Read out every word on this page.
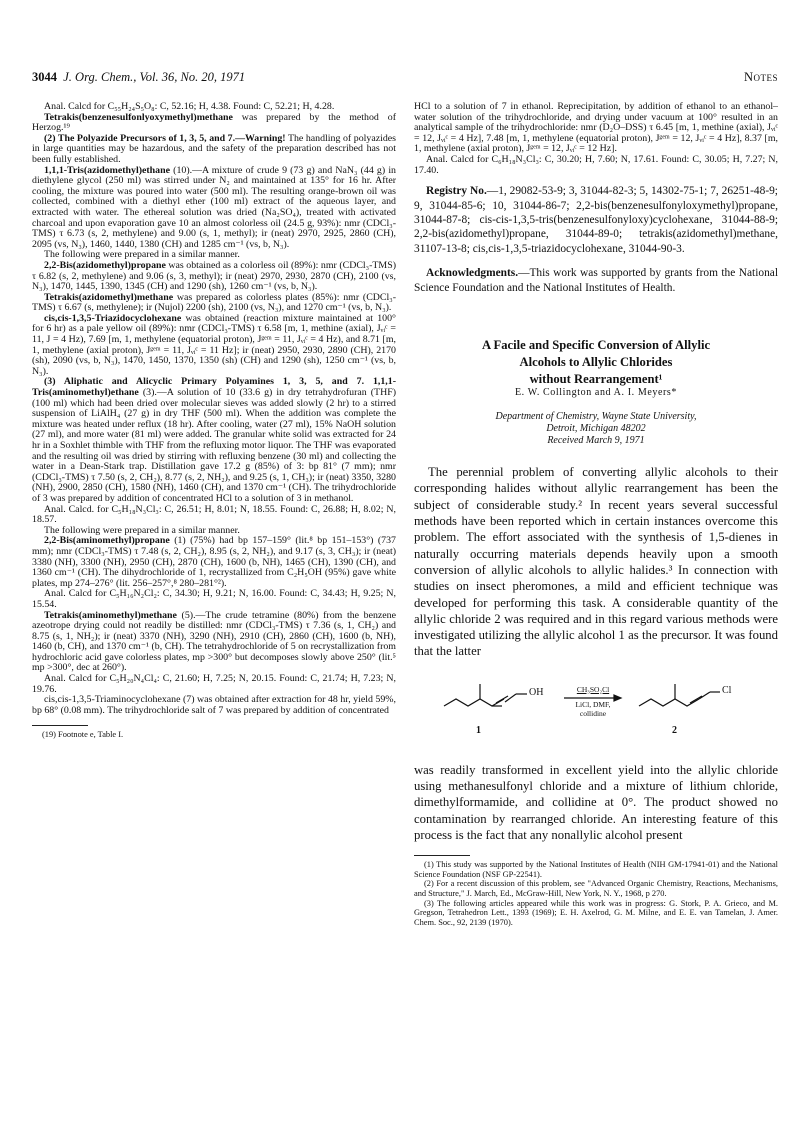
3044 J. Org. Chem., Vol. 36, No. 20, 1971	Notes

Anal. Calcd for C₅₅H₂₄S₅O₈: C, 52.16; H, 4.38. Found: C, 52.21; H, 4.28.

Tetrakis(benzenesulfonlyoxymethyl)methane was prepared by the method of Herzog.¹⁹

(2) The Polyazide Precursors of 1, 3, 5, and 7.—Warning! The handling of polyazides in large quantities may be hazardous, and the safety of the preparation described has not been fully established.

1,1,1-Tris(azidomethyl)ethane (10).—A mixture of crude 9 (73 g) and NaN₃ (44 g) in diethylene glycol (250 ml) was stirred under N₂ and maintained at 135° for 16 hr. After cooling, the mixture was poured into water (500 ml). The resulting orange-brown oil was collected, combined with a diethyl ether (100 ml) extract of the aqueous layer, and extracted with water. The ethereal solution was dried (Na₂SO₄), treated with activated charcoal and upon evaporation gave 10 an almost colorless oil (24.5 g, 93%): nmr (CDCl₃-TMS) τ 6.73 (s, 2, methylene) and 9.00 (s, 1, methyl); ir (neat) 2970, 2925, 2860 (CH), 2095 (vs, N₃), 1460, 1440, 1380 (CH) and 1285 cm⁻¹ (vs, b, N₃).

The following were prepared in a similar manner.

2,2-Bis(azidomethyl)propane was obtained as a colorless oil (89%): nmr (CDCl₃-TMS) τ 6.82 (s, 2, methylene) and 9.06 (s, 3, methyl); ir (neat) 2970, 2930, 2870 (CH), 2100 (vs, N₃), 1470, 1445, 1390, 1345 (CH) and 1290 (sh), 1260 cm⁻¹ (vs, b, N₃).

Tetrakis(azidomethyl)methane was prepared as colorless plates (85%): nmr (CDCl₃-TMS) τ 6.67 (s, methylene); ir (Nujol) 2200 (sh), 2100 (vs, N₃), and 1270 cm⁻¹ (vs, b, N₃).

cis,cis-1,3,5-Triazidocyclohexane was obtained (reaction mixture maintained at 100° for 6 hr) as a pale yellow oil (89%): nmr (CDCl₃-TMS) τ 6.58 [m, 1, methine (axial), Jᵥᵢᶜ = 11, J = 4 Hz), 7.69 [m, 1, methylene (equatorial proton), Jᵍᵉᵐ = 11, Jᵥᵢᶜ = 4 Hz), and 8.71 [m, 1, methylene (axial proton), Jᵍᵉᵐ = 11, Jᵥᵢᶜ = 11 Hz]; ir (neat) 2950, 2930, 2890 (CH), 2170 (sh), 2090 (vs, b, N₃), 1470, 1450, 1370, 1350 (sh) (CH) and 1290 (sh), 1250 cm⁻¹ (vs, b, N₃).

(3) Aliphatic and Alicyclic Primary Polyamines 1, 3, 5, and 7. 1,1,1-Tris(aminomethyl)ethane (3).—A solution of 10 (33.6 g) in dry tetrahydrofuran (THF) (100 ml) which had been dried over molecular sieves was added slowly (2 hr) to a stirred suspension of LiAlH₄ (27 g) in dry THF (500 ml). When the addition was complete the mixture was heated under reflux (18 hr). After cooling, water (27 ml), 15% NaOH solution (27 ml), and more water (81 ml) were added. The granular white solid was extracted for 24 hr in a Soxhlet thimble with THF from the refluxing motor liquor. The THF was evaporated and the resulting oil was dried by stirring with refluxing benzene (30 ml) and collecting the water in a Dean-Stark trap. Distillation gave 17.2 g (85%) of 3: bp 81° (7 mm); nmr (CDCl₃-TMS) τ 7.50 (s, 2, CH₂), 8.77 (s, 2, NH₂), and 9.25 (s, 1, CH₃); ir (neat) 3350, 3280 (NH), 2900, 2850 (CH), 1580 (NH), 1460 (CH), and 1370 cm⁻¹ (CH). The trihydrochloride of 3 was prepared by addition of concentrated HCl to a solution of 3 in methanol.

Anal. Calcd. for C₅H₁₈N₃Cl₃: C, 26.51; H, 8.01; N, 18.55. Found: C, 26.88; H, 8.02; N, 18.57.

The following were prepared in a similar manner.

2,2-Bis(aminomethyl)propane (1) (75%) had bp 157–159° (lit.⁸ bp 151–153°) (737 mm); nmr (CDCl₃-TMS) τ 7.48 (s, 2, CH₂), 8.95 (s, 2, NH₂), and 9.17 (s, 3, CH₃); ir (neat) 3380 (NH), 3300 (NH), 2950 (CH), 2870 (CH), 1600 (b, NH), 1465 (CH), 1390 (CH), and 1360 cm⁻¹ (CH). The dihydrochloride of 1, recrystallized from C₂H₅OH (95%) gave white plates, mp 274–276° (lit. 256–257°,⁸ 280–281°²).

Anal. Calcd for C₅H₁₆N₂Cl₂: C, 34.30; H, 9.21; N, 16.00. Found: C, 34.43; H, 9.25; N, 15.54.

Tetrakis(aminomethyl)methane (5).—The crude tetramine (80%) from the benzene azeotrope drying could not readily be distilled: nmr (CDCl₃-TMS) τ 7.36 (s, 1, CH₂) and 8.75 (s, 1, NH₂); ir (neat) 3370 (NH), 3290 (NH), 2910 (CH), 2860 (CH), 1600 (b, NH), 1460 (b, CH), and 1370 cm⁻¹ (b, CH). The tetrahydrochloride of 5 on recrystallization from hydrochloric acid gave colorless plates, mp >300° but decomposes slowly above 250° (lit.⁵ mp >300°, dec at 260°).

Anal. Calcd for C₅H₂₀N₄Cl₄: C, 21.60; H, 7.25; N, 20.15. Found: C, 21.74; H, 7.23; N, 19.76.

cis,cis-1,3,5-Triaminocyclohexane (7) was obtained after extraction for 48 hr, yield 59%, bp 68° (0.08 mm). The trihydrochloride salt of 7 was prepared by addition of concentrated

(19) Footnote e, Table I.

HCl to a solution of 7 in ethanol. Reprecipitation, by addition of ethanol to an ethanol–water solution of the trihydrochloride, and drying under vacuum at 100° resulted in an analytical sample of the trihydrochloride: nmr (D₂O–DSS) τ 6.45 [m, 1, methine (axial), Jᵥᵢᶜ = 12, Jᵥᵢᶜ = 4 Hz], 7.48 [m, 1, methylene (equatorial proton), Jᵍᵉᵐ = 12, Jᵥᵢᶜ = 4 Hz], 8.37 [m, 1, methylene (axial proton), Jᵍᵉᵐ = 12, Jᵥᵢᶜ = 12 Hz].

Anal. Calcd for C₆H₁₈N₃Cl₃: C, 30.20; H, 7.60; N, 17.61. Found: C, 30.05; H, 7.27; N, 17.40.

Registry No.—1, 29082-53-9; 3, 31044-82-3; 5, 14302-75-1; 7, 26251-48-9; 9, 31044-85-6; 10, 31044-86-7; 2,2-bis(benzenesulfonyloxymethyl)propane, 31044-87-8; cis-cis-1,3,5-tris(benzenesulfonyloxy)cyclohexane, 31044-88-9; 2,2-bis(azidomethyl)propane, 31044-89-0; tetrakis(azidomethyl)methane, 31107-13-8; cis,cis-1,3,5-triazidocyclohexane, 31044-90-3.

Acknowledgments.—This work was supported by grants from the National Science Foundation and the National Institutes of Health.

A Facile and Specific Conversion of Allylic

Alcohols to Allylic Chlorides

without Rearrangement¹

E. W. Collington and A. I. Meyers*

Department of Chemistry, Wayne State University,

Detroit, Michigan 48202

Received March 9, 1971

The perennial problem of converting allylic alcohols to their corresponding halides without allylic rearrangement has been the subject of considerable study.² In recent years several successful methods have been reported which in certain instances overcome this problem. The effort associated with the synthesis of 1,5-dienes in naturally occurring materials depends heavily upon a smooth conversion of allylic alcohols to allylic halides.³ In connection with studies on insect pheromones, a mild and efficient technique was developed for performing this task. A considerable quantity of the allylic chloride 2 was required and in this regard various methods were investigated utilizing the allylic alcohol 1 as the precursor. It was found that the latter

OH	Cl
CH₃SO₂Cl
LiCl, DMF,
collidine
1	2

was readily transformed in excellent yield into the allylic chloride using methanesulfonyl chloride and a mixture of lithium chloride, dimethylformamide, and collidine at 0°. The product showed no contamination by rearranged chloride. An interesting feature of this process is the fact that any nonallylic alcohol present

(1) This study was supported by the National Institutes of Health (NIH GM-17941-01) and the National Science Foundation (NSF GP-22541).

(2) For a recent discussion of this problem, see "Advanced Organic Chemistry, Reactions, Mechanisms, and Structure," J. March, Ed., McGraw-Hill, New York, N. Y., 1968, p 270.

(3) The following articles appeared while this work was in progress: G. Stork, P. A. Grieco, and M. Gregson, Tetrahedron Lett., 1393 (1969); E. H. Axelrod, G. M. Milne, and E. E. van Tamelan, J. Amer. Chem. Soc., 92, 2139 (1970).
